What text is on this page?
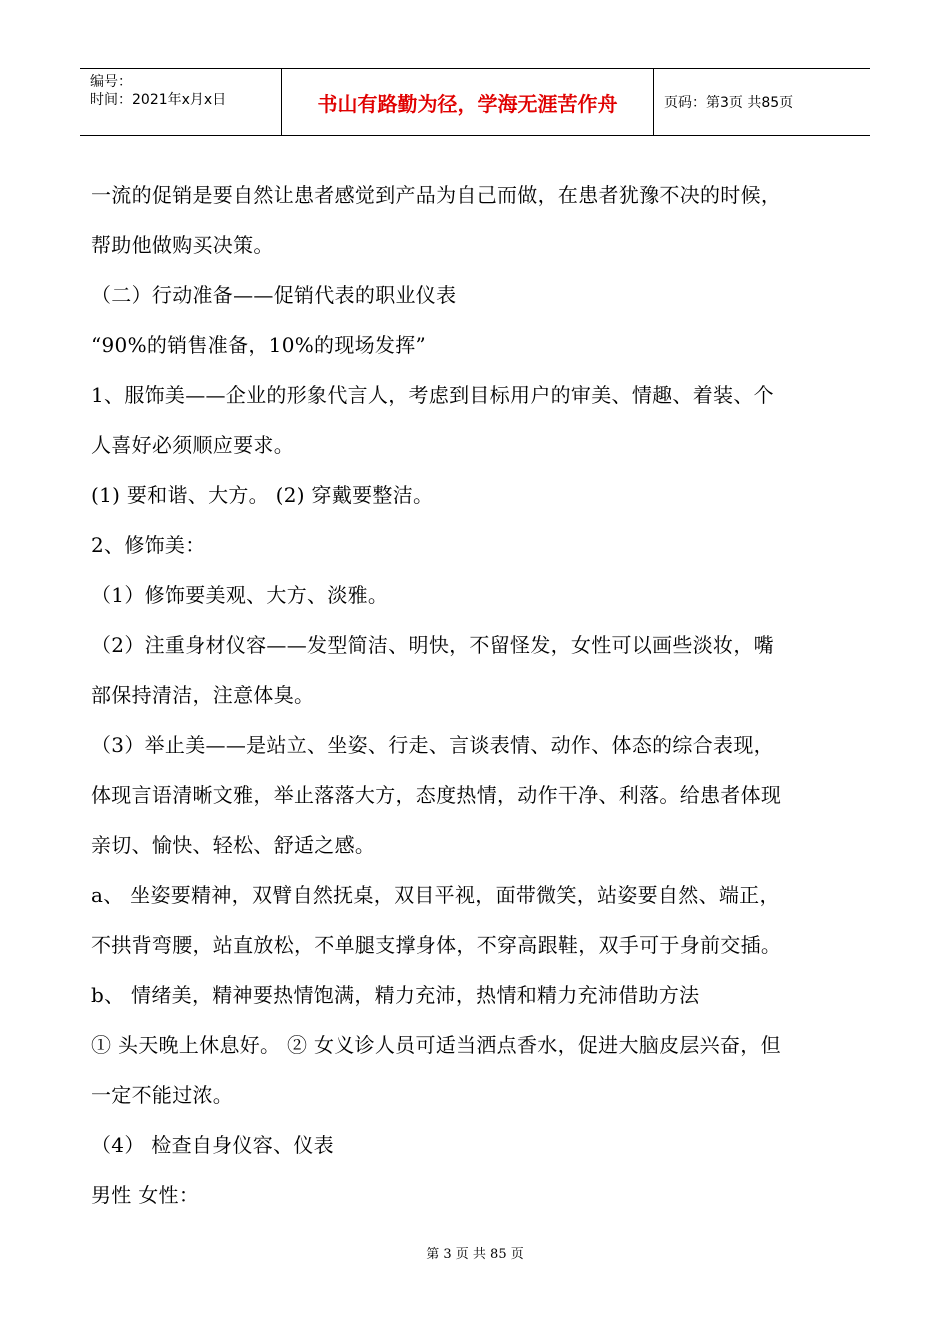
编号：
时间：2021年x月x日	书山有路勤为径，学海无涯苦作舟	页码：第3页 共85页

一流的促销是要自然让患者感觉到产品为自己而做，在患者犹豫不决的时候，

帮助他做购买决策。

（二）行动准备——促销代表的职业仪表

“90%的销售准备，10%的现场发挥”

1、服饰美——企业的形象代言人，考虑到目标用户的审美、情趣、着装、个

人喜好必须顺应要求。

(1) 要和谐、大方。 (2) 穿戴要整洁。

2、修饰美：

（1）修饰要美观、大方、淡雅。

（2）注重身材仪容——发型简洁、明快，不留怪发，女性可以画些淡妆，嘴

部保持清洁，注意体臭。

（3）举止美——是站立、坐姿、行走、言谈表情、动作、体态的综合表现，

体现言语清晰文雅，举止落落大方，态度热情，动作干净、利落。给患者体现

亲切、愉快、轻松、舒适之感。

a、 坐姿要精神，双臂自然抚桌，双目平视，面带微笑，站姿要自然、端正，

不拱背弯腰，站直放松，不单腿支撑身体，不穿高跟鞋，双手可于身前交插。

b、 情绪美，精神要热情饱满，精力充沛，热情和精力充沛借助方法

① 头天晚上休息好。 ② 女义诊人员可适当洒点香水，促进大脑皮层兴奋，但

一定不能过浓。

（4） 检查自身仪容、仪表

男性 女性：

第 3 页 共 85 页
